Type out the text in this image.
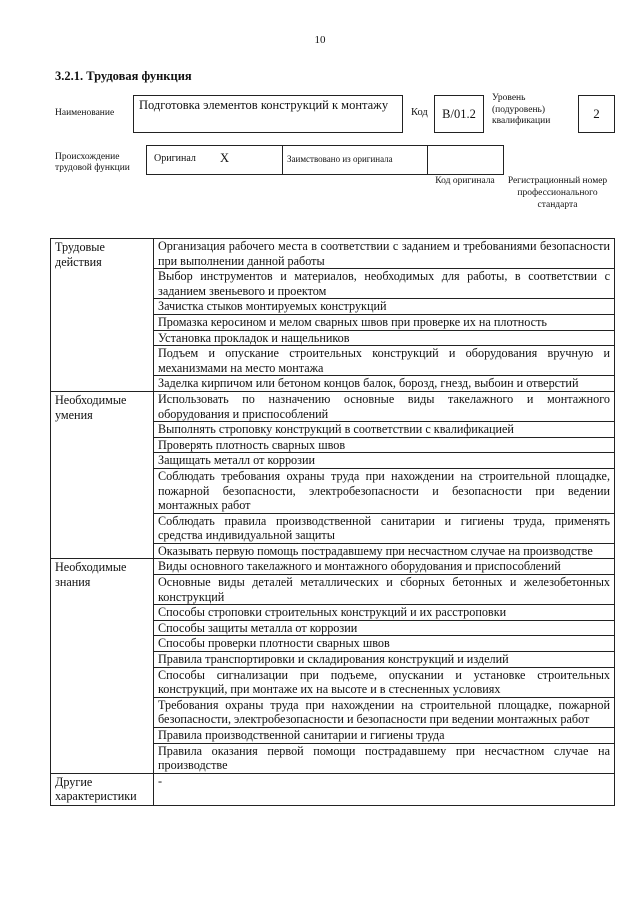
10
3.2.1. Трудовая функция
Наименование
Подготовка элементов конструкций к монтажу
Код	В/01.2
Уровень (подуровень) квалификации	2
Происхождение трудовой функции
Оригинал X	Заимствовано из оригинала
Код оригинала	Регистрационный номер профессионального стандарта
Трудовые действия	Организация рабочего места в соответствии с заданием и требованиями безопасности при выполнении данной работы
	Выбор инструментов и материалов, необходимых для работы, в соответствии с заданием звеньевого и проектом
	Зачистка стыков монтируемых конструкций
	Промазка керосином и мелом сварных швов при проверке их на плотность
	Установка прокладок и нащельников
	Подъем и опускание строительных конструкций и оборудования вручную и механизмами на место монтажа
	Заделка кирпичом или бетоном концов балок, борозд, гнезд, выбоин и отверстий
Необходимые умения	Использовать по назначению основные виды такелажного и монтажного оборудования и приспособлений
	Выполнять строповку конструкций в соответствии с квалификацией
	Проверять плотность сварных швов
	Защищать металл от коррозии
	Соблюдать требования охраны труда при нахождении на строительной площадке, пожарной безопасности, электробезопасности и безопасности при ведении монтажных работ
	Соблюдать правила производственной санитарии и гигиены труда, применять средства индивидуальной защиты
	Оказывать первую помощь пострадавшему при несчастном случае на производстве
Необходимые знания	Виды основного такелажного и монтажного оборудования и приспособлений
	Основные виды деталей металлических и сборных бетонных и железобетонных конструкций
	Способы строповки строительных конструкций и их расстроповки
	Способы защиты металла от коррозии
	Способы проверки плотности сварных швов
	Правила транспортировки и складирования конструкций и изделий
	Способы сигнализации при подъеме, опускании и установке строительных конструкций, при монтаже их на высоте и в стесненных условиях
	Требования охраны труда при нахождении на строительной площадке, пожарной безопасности, электробезопасности и безопасности при ведении монтажных работ
	Правила производственной санитарии и гигиены труда
	Правила оказания первой помощи пострадавшему при несчастном случае на производстве
Другие характеристики	-
